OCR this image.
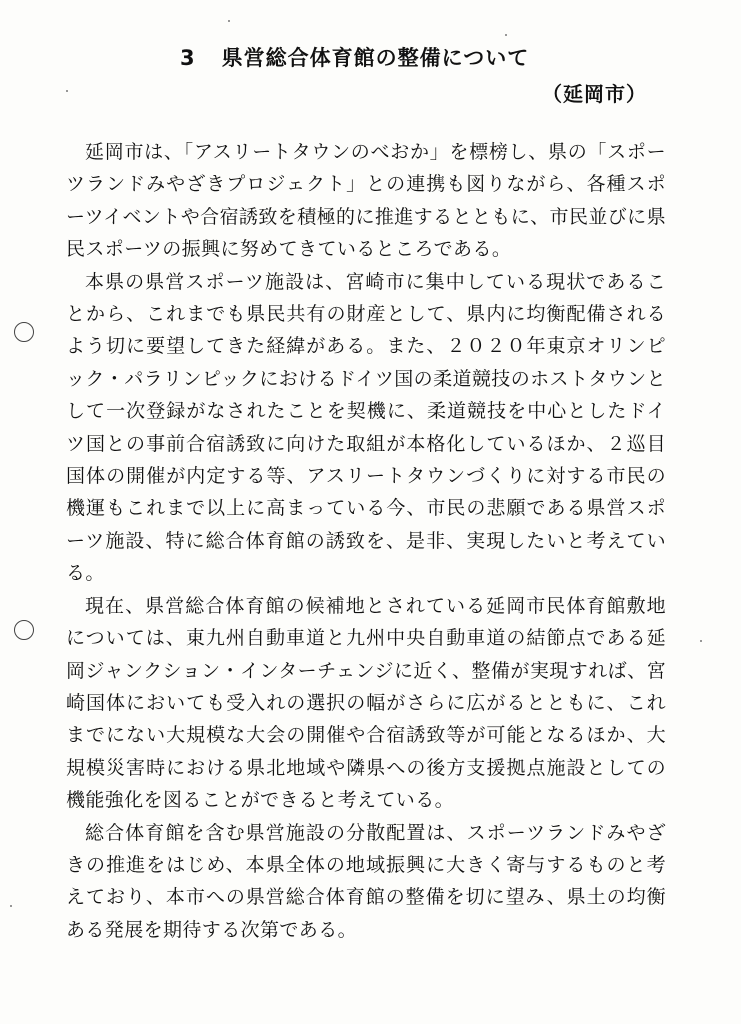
3 県営総合体育館の整備について
（延岡市）

延岡市は、「アスリートタウンのべおか」を標榜し、県の「スポーツランドみやざきプロジェクト」との連携も図りながら、各種スポーツイベントや合宿誘致を積極的に推進するとともに、市民並びに県民スポーツの振興に努めてきているところである。

本県の県営スポーツ施設は、宮崎市に集中している現状であることから、これまでも県民共有の財産として、県内に均衡配備されるよう切に要望してきた経緯がある。また、２０２０年東京オリンピック・パラリンピックにおけるドイツ国の柔道競技のホストタウンとして一次登録がなされたことを契機に、柔道競技を中心としたドイツ国との事前合宿誘致に向けた取組が本格化しているほか、２巡目国体の開催が内定する等、アスリートタウンづくりに対する市民の機運もこれまで以上に高まっている今、市民の悲願である県営スポーツ施設、特に総合体育館の誘致を、是非、実現したいと考えている。

現在、県営総合体育館の候補地とされている延岡市民体育館敷地については、東九州自動車道と九州中央自動車道の結節点である延岡ジャンクション・インターチェンジに近く、整備が実現すれば、宮崎国体においても受入れの選択の幅がさらに広がるとともに、これまでにない大規模な大会の開催や合宿誘致等が可能となるほか、大規模災害時における県北地域や隣県への後方支援拠点施設としての機能強化を図ることができると考えている。

総合体育館を含む県営施設の分散配置は、スポーツランドみやざきの推進をはじめ、本県全体の地域振興に大きく寄与するものと考えており、本市への県営総合体育館の整備を切に望み、県土の均衡ある発展を期待する次第である。
